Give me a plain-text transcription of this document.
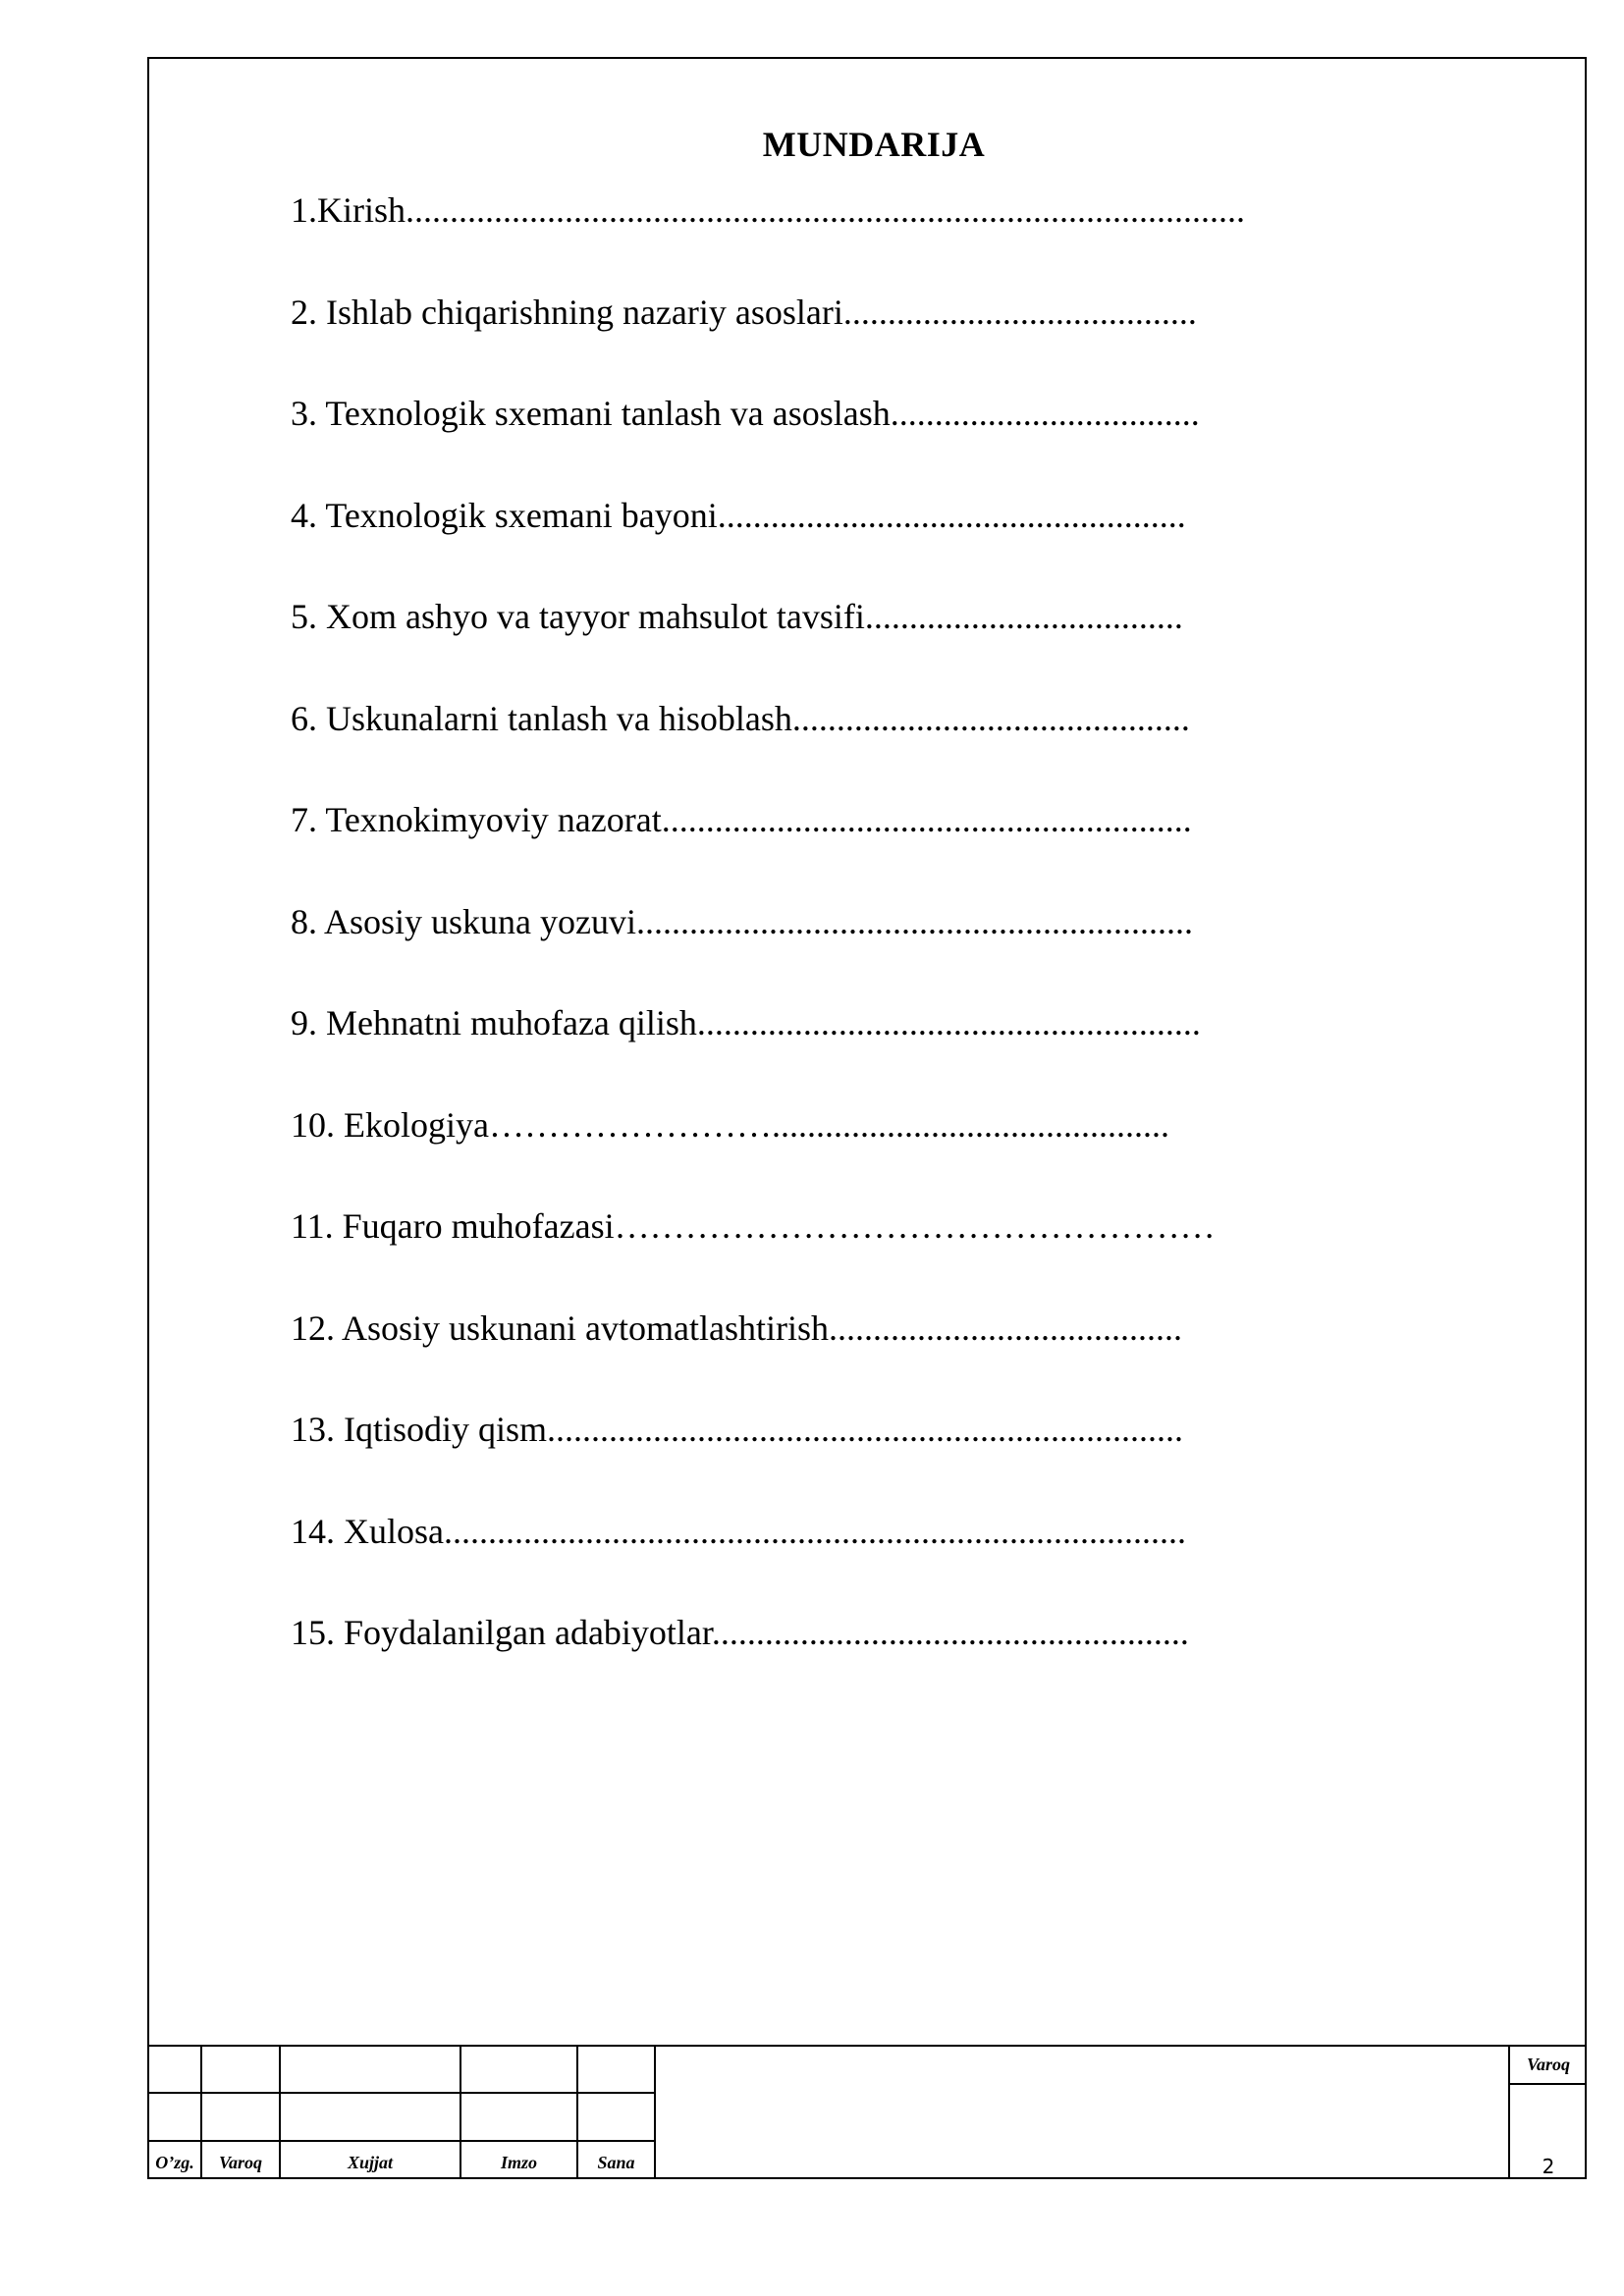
MUNDARIJA
1.Kirish...............................................................................................
2. Ishlab chiqarishning nazariy asoslari........................................
3. Texnologik sxemani tanlash va asoslash...................................
4. Texnologik sxemani bayoni.....................................................
5. Xom ashyo va tayyor mahsulot tavsifi....................................
6. Uskunalarni tanlash va hisoblash.............................................
7. Texnokimyoviy nazorat............................................................
8. Asosiy uskuna yozuvi...............................................................
9. Mehnatni muhofaza qilish.........................................................
10. Ekologiya…………………….............................................
11. Fuqaro muhofazasi……………………………………………
12. Asosiy uskunani avtomatlashtirish........................................
13. Iqtisodiy qism........................................................................
14. Xulosa....................................................................................
15. Foydalanilgan adabiyotlar......................................................
O’zg.	Varoq	Xujjat	Imzo	Sana
Varoq
2
